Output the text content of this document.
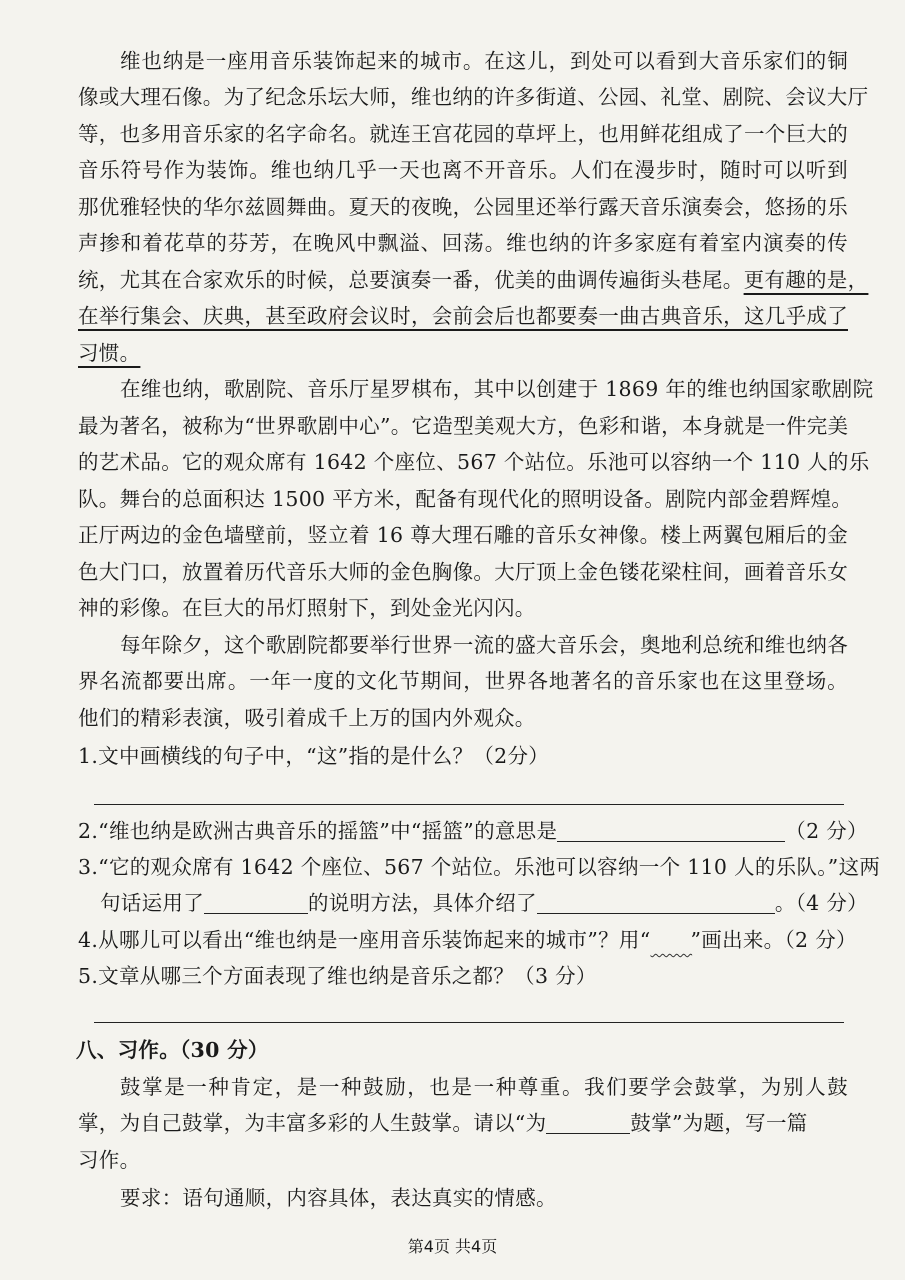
维也纳是一座用音乐装饰起来的城市。在这儿，到处可以看到大音乐家们的铜
像或大理石像。为了纪念乐坛大师，维也纳的许多街道、公园、礼堂、剧院、会议大厅
等，也多用音乐家的名字命名。就连王宫花园的草坪上，也用鲜花组成了一个巨大的
音乐符号作为装饰。维也纳几乎一天也离不开音乐。人们在漫步时，随时可以听到
那优雅轻快的华尔兹圆舞曲。夏天的夜晚，公园里还举行露天音乐演奏会，悠扬的乐
声掺和着花草的芬芳，在晚风中飘溢、回荡。维也纳的许多家庭有着室内演奏的传
统，尤其在合家欢乐的时候，总要演奏一番，优美的曲调传遍街头巷尾。更有趣的是，
在举行集会、庆典，甚至政府会议时，会前会后也都要奏一曲古典音乐，这几乎成了
习惯。
在维也纳，歌剧院、音乐厅星罗棋布，其中以创建于 1869 年的维也纳国家歌剧院
最为著名，被称为“世界歌剧中心”。它造型美观大方，色彩和谐，本身就是一件完美
的艺术品。它的观众席有 1642 个座位、567 个站位。乐池可以容纳一个 110 人的乐
队。舞台的总面积达 1500 平方米，配备有现代化的照明设备。剧院内部金碧辉煌。
正厅两边的金色墙壁前，竖立着 16 尊大理石雕的音乐女神像。楼上两翼包厢后的金
色大门口，放置着历代音乐大师的金色胸像。大厅顶上金色镂花梁柱间，画着音乐女
神的彩像。在巨大的吊灯照射下，到处金光闪闪。
每年除夕，这个歌剧院都要举行世界一流的盛大音乐会，奥地利总统和维也纳各
界名流都要出席。一年一度的文化节期间，世界各地著名的音乐家也在这里登场。
他们的精彩表演，吸引着成千上万的国内外观众。
1.文中画横线的句子中，“这”指的是什么？（2分）
2.“维也纳是欧洲古典音乐的摇篮”中“摇篮”的意思是	（2 分）
3.“它的观众席有 1642 个座位、567 个站位。乐池可以容纳一个 110 人的乐队。”这两
句话运用了	的说明方法，具体介绍了	。（4 分）
4.从哪儿可以看出“维也纳是一座用音乐装饰起来的城市”？用“ ”画出来。（2 分）
5.文章从哪三个方面表现了维也纳是音乐之都？（3 分）
八、习作。（30 分）
鼓掌是一种肯定，是一种鼓励，也是一种尊重。我们要学会鼓掌，为别人鼓
掌，为自己鼓掌，为丰富多彩的人生鼓掌。请以“为	鼓掌”为题，写一篇
习作。
要求：语句通顺，内容具体，表达真实的情感。
第4页 共4页
